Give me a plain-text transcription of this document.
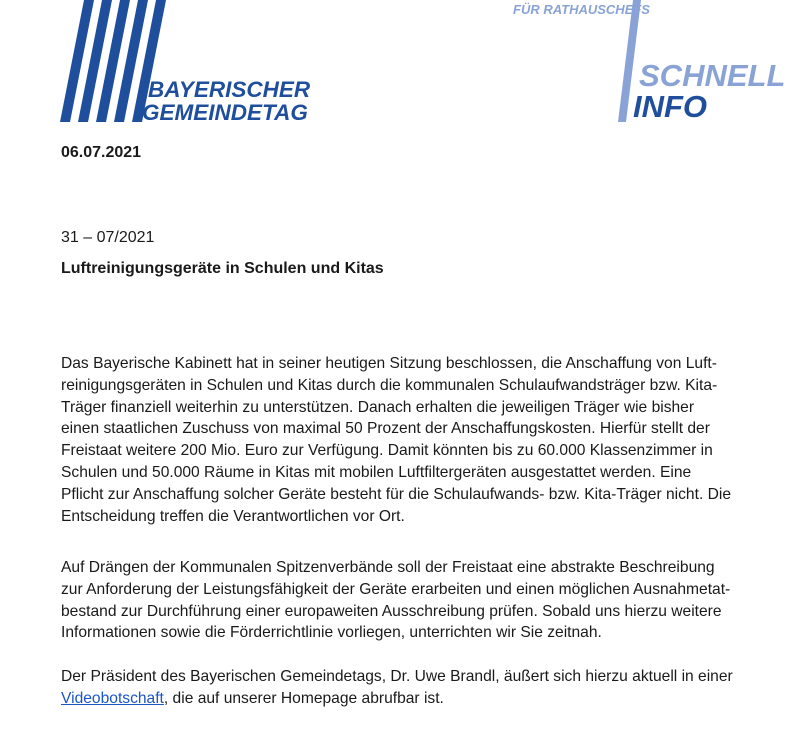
BAYERISCHER
GEMEINDETAG
FÜR RATHAUSCHEFS
SCHNELL
INFO

06.07.2021

31 – 07/2021

Luftreinigungsgeräte in Schulen und Kitas

Das Bayerische Kabinett hat in seiner heutigen Sitzung beschlossen, die Anschaffung von Luft-
reinigungsgeräten in Schulen und Kitas durch die kommunalen Schulaufwandsträger bzw. Kita-
Träger finanziell weiterhin zu unterstützen. Danach erhalten die jeweiligen Träger wie bisher
einen staatlichen Zuschuss von maximal 50 Prozent der Anschaffungskosten. Hierfür stellt der
Freistaat weitere 200 Mio. Euro zur Verfügung. Damit könnten bis zu 60.000 Klassenzimmer in
Schulen und 50.000 Räume in Kitas mit mobilen Luftfiltergeräten ausgestattet werden. Eine
Pflicht zur Anschaffung solcher Geräte besteht für die Schulaufwands- bzw. Kita-Träger nicht. Die
Entscheidung treffen die Verantwortlichen vor Ort.
Auf Drängen der Kommunalen Spitzenverbände soll der Freistaat eine abstrakte Beschreibung
zur Anforderung der Leistungsfähigkeit der Geräte erarbeiten und einen möglichen Ausnahmetat-
bestand zur Durchführung einer europaweiten Ausschreibung prüfen. Sobald uns hierzu weitere
Informationen sowie die Förderrichtlinie vorliegen, unterrichten wir Sie zeitnah.
Der Präsident des Bayerischen Gemeindetags, Dr. Uwe Brandl, äußert sich hierzu aktuell in einer
Videobotschaft, die auf unserer Homepage abrufbar ist.
